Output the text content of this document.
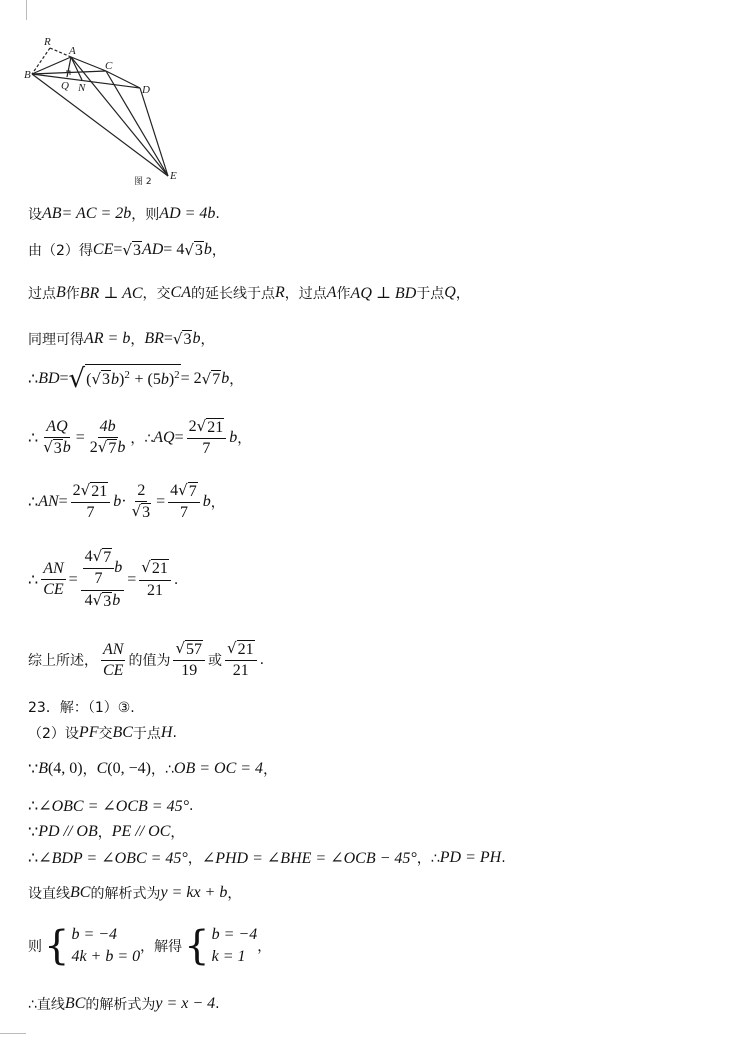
R
A
B
C
Q N	D
E
图 2
设 AB = AC = 2b ，则 AD = 4b .
由（2）得 CE = √ 3 AD = 4 √ 3 b ，
过点 B 作 BR ⊥ AC ，交 CA 的延长线于点 R ，过点 A 作 AQ ⊥ BD 于点 Q ，
同理可得 AR = b ， BR = √ 3 b ，
∴ BD = √ ( √ 3 $b)^2 + (5b)^2 = 2$ √ 7 b ，
∴ $\frac{AQ}{√ 3 b} = \frac{4b}{2 √ 7 b}$ ，∴ AQ = $\frac{2 √ 21}{7}$ b ，
∴ AN = $\frac{2 √ 21}{7}$ $b \cdot \frac{2}{√ 3} = \frac{4 √ 7}{7}$ b ，
∴ $\frac{AN}{CE} = \frac{\frac{4 √ 7}{7} b}{4 √ 3 b} = \frac{√ 21}{21}$ .
综上所述， $\frac{AN}{CE}$ 的值为 $\frac{√ 57}{19}$ 或 $\frac{√ 21}{21}$ .
23．解：（1）③.
（2）设 PF 交 BC 于点 H .
∵ B (4, 0) ， C (0, −4) ，∴ OB = OC = 4 ，
∴ ∠OBC = ∠OCB = 45° .
∵ PD // OB ， PE // OC ，
∴ ∠BDP = ∠OBC = 45° ， ∠PHD = ∠BHE = ∠OCB − 45° ，∴ PD = PH .
设直线 BC 的解析式为 y = kx + b ，
则 { b = −4
4k + b = 0
，解得 { b = −4
k = 1
，
∴直线 BC 的解析式为 y = x − 4 .
